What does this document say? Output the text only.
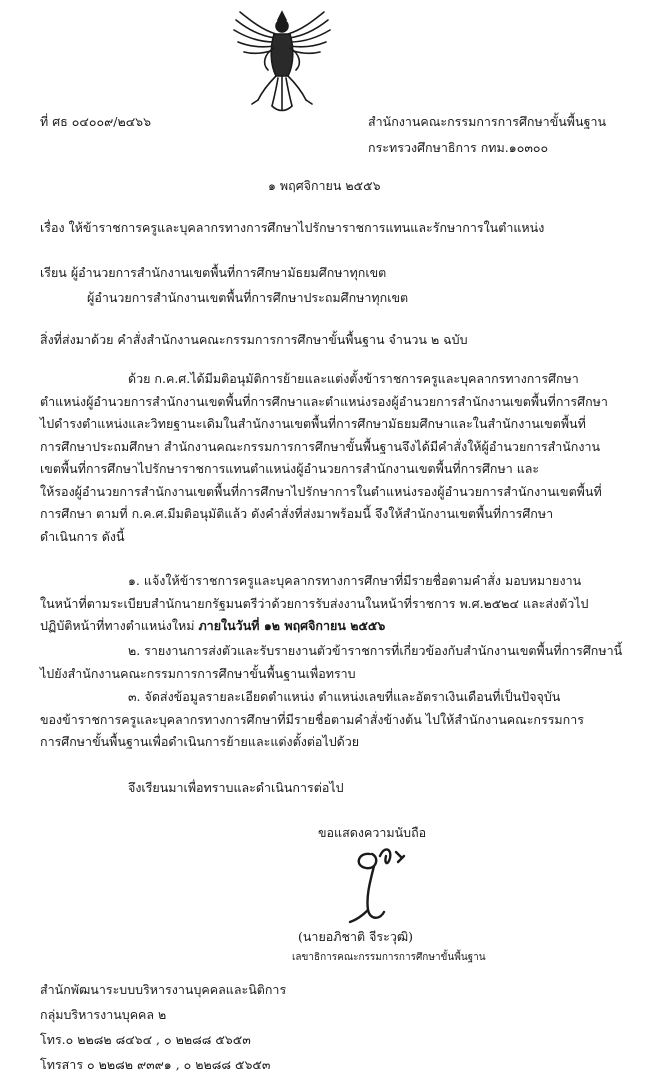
ที่ ศธ ๐๔๐๐๙/๒๔๖๖	สำนักงานคณะกรรมการการศึกษาขั้นพื้นฐาน

กระทรวงศึกษาธิการ กทม.๑๐๓๐๐

๑ พฤศจิกายน ๒๕๕๖

เรื่อง ให้ข้าราชการครูและบุคลากรทางการศึกษาไปรักษาราชการแทนและรักษาการในตำแหน่ง

เรียน ผู้อำนวยการสำนักงานเขตพื้นที่การศึกษามัธยมศึกษาทุกเขต

ผู้อำนวยการสำนักงานเขตพื้นที่การศึกษาประถมศึกษาทุกเขต

สิ่งที่ส่งมาด้วย คำสั่งสำนักงานคณะกรรมการการศึกษาขั้นพื้นฐาน จำนวน ๒ ฉบับ

ด้วย ก.ค.ศ.ได้มีมติอนุมัติการย้ายและแต่งตั้งข้าราชการครูและบุคลากรทางการศึกษา
ตำแหน่งผู้อำนวยการสำนักงานเขตพื้นที่การศึกษาและตำแหน่งรองผู้อำนวยการสำนักงานเขตพื้นที่การศึกษา
ไปดำรงตำแหน่งและวิทยฐานะเดิมในสำนักงานเขตพื้นที่การศึกษามัธยมศึกษาและในสำนักงานเขตพื้นที่
การศึกษาประถมศึกษา สำนักงานคณะกรรมการการศึกษาขั้นพื้นฐานจึงได้มีคำสั่งให้ผู้อำนวยการสำนักงาน
เขตพื้นที่การศึกษาไปรักษาราชการแทนตำแหน่งผู้อำนวยการสำนักงานเขตพื้นที่การศึกษา และ
ให้รองผู้อำนวยการสำนักงานเขตพื้นที่การศึกษาไปรักษาการในตำแหน่งรองผู้อำนวยการสำนักงานเขตพื้นที่
การศึกษา ตามที่ ก.ค.ศ.มีมติอนุมัติแล้ว ดังคำสั่งที่ส่งมาพร้อมนี้ จึงให้สำนักงานเขตพื้นที่การศึกษา
ดำเนินการ ดังนี้
๑. แจ้งให้ข้าราชการครูและบุคลากรทางการศึกษาที่มีรายชื่อตามคำสั่ง มอบหมายงาน
ในหน้าที่ตามระเบียบสำนักนายกรัฐมนตรีว่าด้วยการรับส่งงานในหน้าที่ราชการ พ.ศ.๒๕๒๔ และส่งตัวไป
ปฏิบัติหน้าที่ทางตำแหน่งใหม่ ภายในวันที่ ๑๒ พฤศจิกายน ๒๕๕๖
๒. รายงานการส่งตัวและรับรายงานตัวข้าราชการที่เกี่ยวข้องกับสำนักงานเขตพื้นที่การศึกษานี้
ไปยังสำนักงานคณะกรรมการการศึกษาขั้นพื้นฐานเพื่อทราบ
๓. จัดส่งข้อมูลรายละเอียดตำแหน่ง ตำแหน่งเลขที่และอัตราเงินเดือนที่เป็นปัจจุบัน
ของข้าราชการครูและบุคลากรทางการศึกษาที่มีรายชื่อตามคำสั่งข้างต้น ไปให้สำนักงานคณะกรรมการ
การศึกษาขั้นพื้นฐานเพื่อดำเนินการย้ายและแต่งตั้งต่อไปด้วย

จึงเรียนมาเพื่อทราบและดำเนินการต่อไป

ขอแสดงความนับถือ

(นายอภิชาติ จีระวุฒิ)

เลขาธิการคณะกรรมการการศึกษาขั้นพื้นฐาน

สำนักพัฒนาระบบบริหารงานบุคคลและนิติการ

กลุ่มบริหารงานบุคคล ๒

โทร.๐ ๒๒๘๒ ๘๔๖๔ , ๐ ๒๒๘๘ ๕๖๕๓

โทรสาร ๐ ๒๒๘๒ ๙๓๙๑ , ๐ ๒๒๘๘ ๕๖๕๓
